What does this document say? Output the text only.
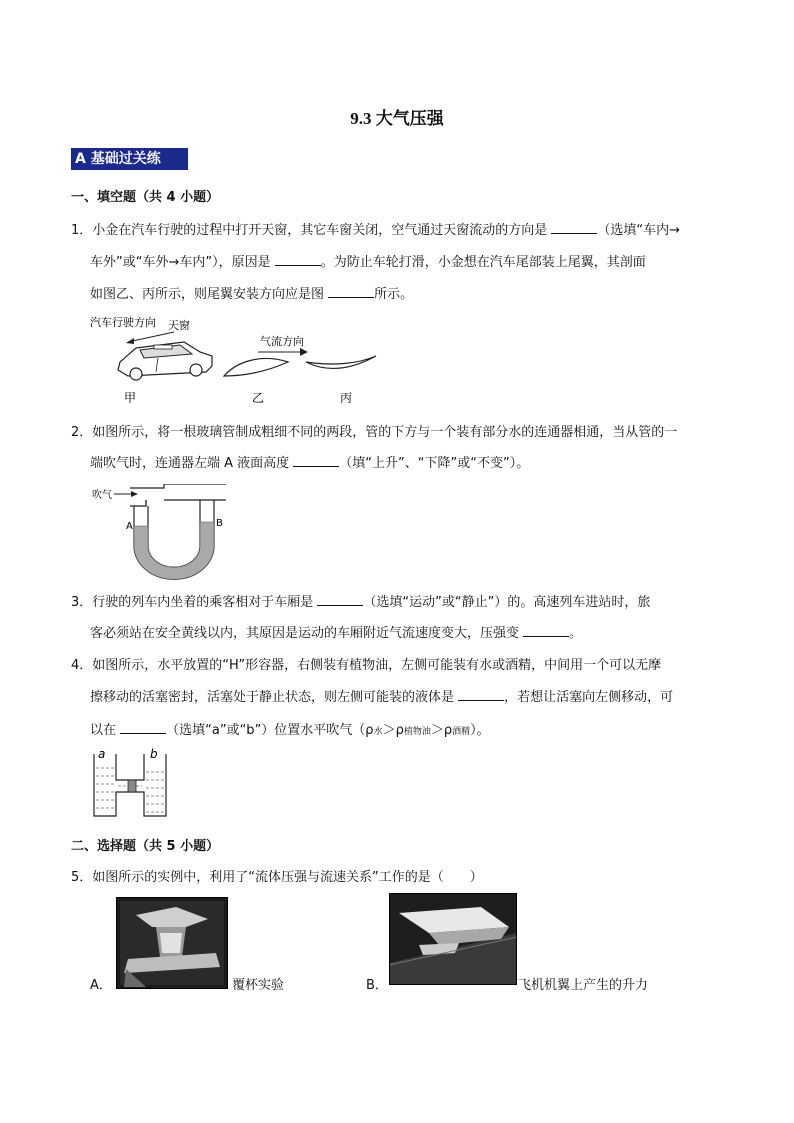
9.3 大气压强
A 基础过关练
一、填空题（共 4 小题）
1．小金在汽车行驶的过程中打开天窗，其它车窗关闭，空气通过天窗流动的方向是	（选填“车内→
车外”或“车外→车内”），原因是	。为防止车轮打滑，小金想在汽车尾部装上尾翼，其剖面
如图乙、丙所示，则尾翼安装方向应是图	所示。
汽车行驶方向 天窗
气流方向
甲	乙	丙
2．如图所示，将一根玻璃管制成粗细不同的两段，管的下方与一个装有部分水的连通器相通，当从管的一
端吹气时，连通器左端 A 液面高度	（填“上升”、“下降”或“不变”）。
吹气
A	B
3．行驶的列车内坐着的乘客相对于车厢是	（选填“运动”或“静止”）的。高速列车进站时，旅
客必须站在安全黄线以内，其原因是运动的车厢附近气流速度变大，压强变	。
4．如图所示，水平放置的“H”形容器，右侧装有植物油，左侧可能装有水或酒精，中间用一个可以无摩
擦移动的活塞密封，活塞处于静止状态，则左侧可能装的液体是	，若想让活塞向左侧移动，可
以在	（选填“a”或“b”）位置水平吹气（ρ水＞ρ植物油＞ρ酒精）。
a	b
二、选择题（共 5 小题）
5．如图所示的实例中，利用了“流体压强与流速关系”工作的是（　　）
A．	覆杯实验	B．	飞机机翼上产生的升力
